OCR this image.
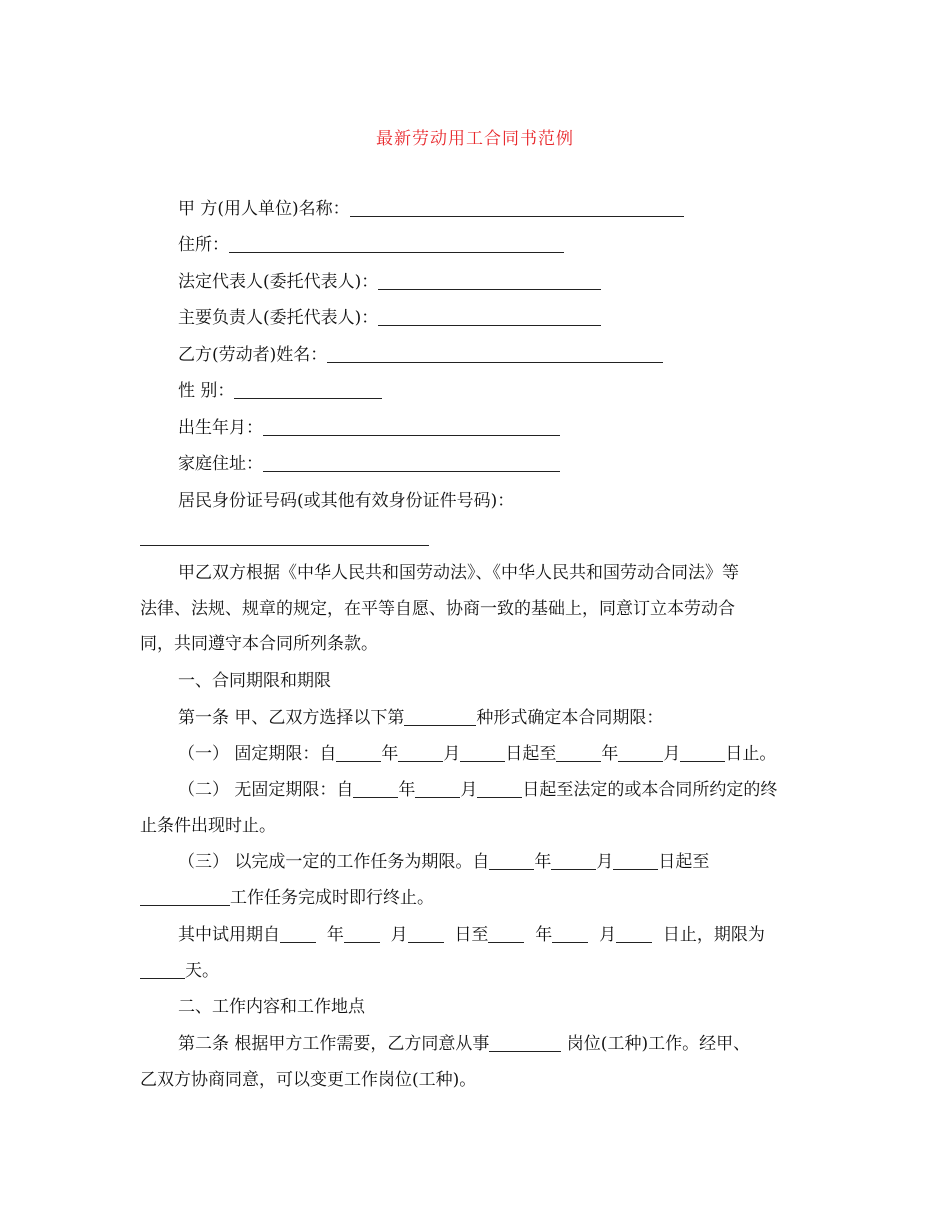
最新劳动用工合同书范例
甲 方(用人单位)名称：
住所：
法定代表人(委托代表人)：
主要负责人(委托代表人)：
乙方(劳动者)姓名：
性 别：
出生年月：
家庭住址：
居民身份证号码(或其他有效身份证件号码)：
甲乙双方根据《中华人民共和国劳动法》、《中华人民共和国劳动合同法》等
法律、法规、规章的规定，在平等自愿、协商一致的基础上，同意订立本劳动合
同，共同遵守本合同所列条款。
一、合同期限和期限
第一条 甲、乙双方选择以下第	种形式确定本合同期限：
（一） 固定期限：自	年	月	日起至	年	月	日止。
（二） 无固定期限：自	年	月	日起至法定的或本合同所约定的终
止条件出现时止。
（三） 以完成一定的工作任务为期限。自	年	月	日起至
工作任务完成时即行终止。
其中试用期自	年	月	日至	年	月	日止，期限为
天。
二、工作内容和工作地点
第二条 根据甲方工作需要，乙方同意从事	岗位(工种)工作。经甲、
乙双方协商同意，可以变更工作岗位(工种)。
